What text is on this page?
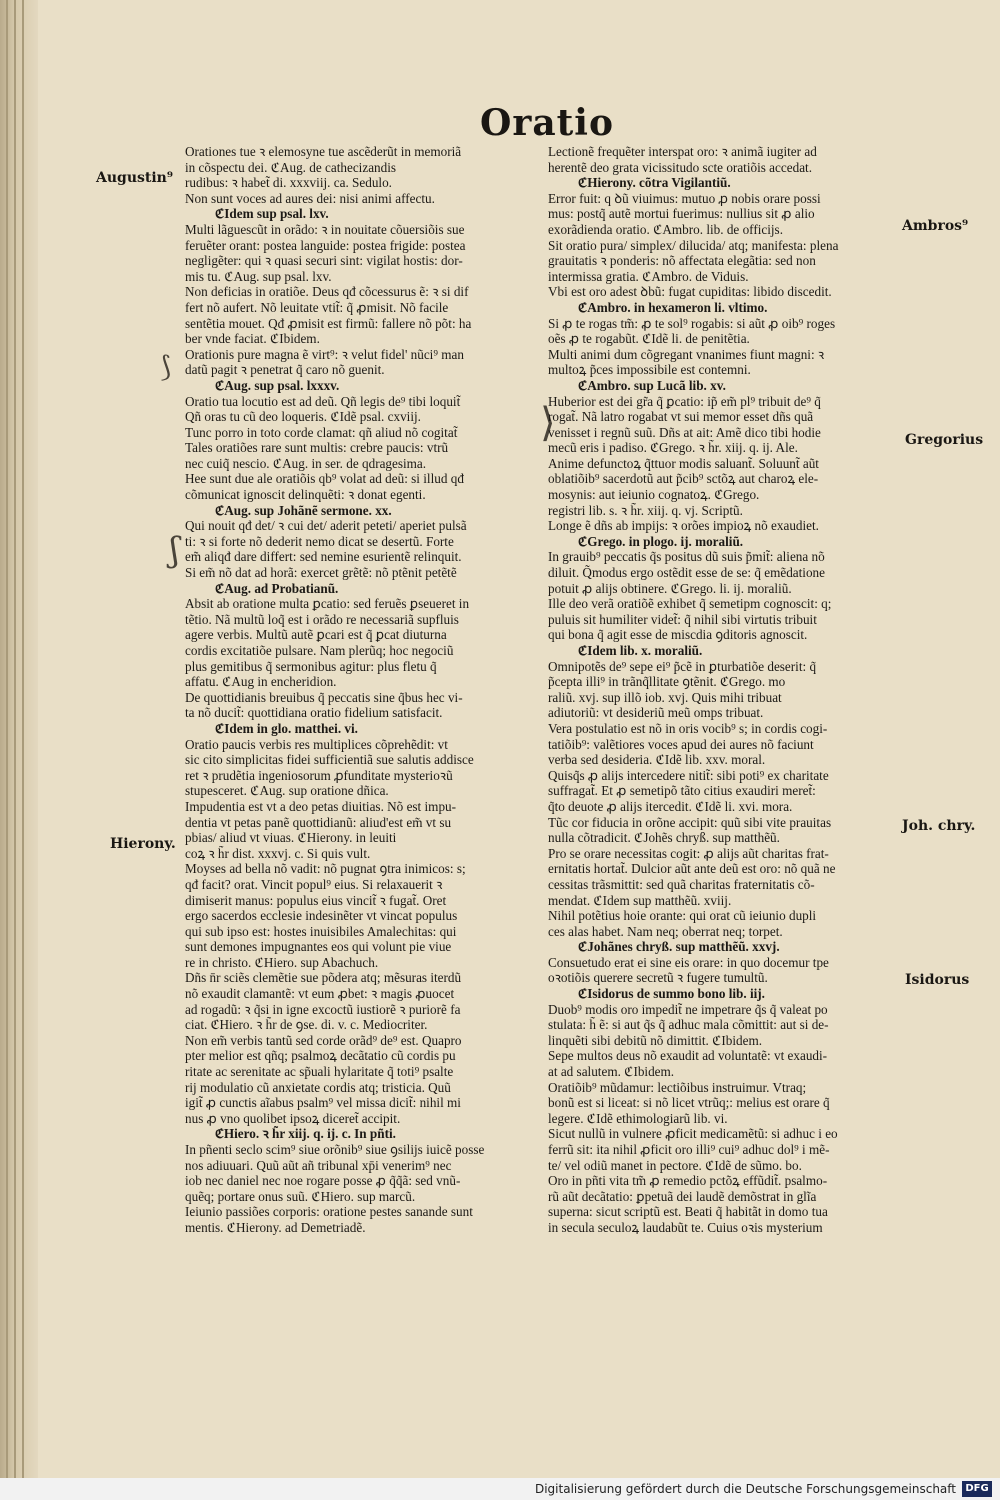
Oratio
Augustin⁹
Ambros⁹
Gregorius
Hierony.
Joh. chry.
Isidorus
⟆
ʃ
⟩
Orationes tue ꝛ elemosyne tue ascẽderũt in memoriã
in cõspectu dei. ℭAug. de cathecizandis
rudibus: ꝛ habet̃ di. xxxviij. ca. Sedulo.
Non sunt voces ad aures dei: nisi animi affectu.
ℭIdem sup psal. lxv.
Multi lãguescũt in orãdo: ꝛ in nouitate cõuersiõis sue
feruẽter orant: postea languide: postea frigide: postea
negligẽter: qui ꝛ quasi securi sint: vigilat hostis: dor-
mis tu. ℭAug. sup psal. lxv.
Non deficias in oratiõe. Deus qđ cõcessurus ẽ: ꝛ si dif
fert nõ aufert. Nõ leuitate vtit̃: q̃ ꝓmisit. Nõ facile
sentẽtia mouet. Qđ ꝓmisit est firmũ: fallere nõ põt: ha
ber vnde faciat. ℭIbidem.
Orationis pure magna ẽ virt⁹: ꝛ velut fidel' nũci⁹ man
datũ pagit ꝛ penetrat q̃ caro nõ guenit.
ℭAug. sup psal. lxxxv.
Oratio tua locutio est ad deũ. Qñ legis de⁹ tibi loquit̃
Qñ oras tu cũ deo loqueris. ℭIdẽ psal. cxviij.
Tunc porro in toto corde clamat: qñ aliud nõ cogitat̃
Tales oratiões rare sunt multis: crebre paucis: vtrũ
nec cuiq̃ nescio. ℭAug. in ser. de qdragesima.
Hee sunt due ale oratiõis qb⁹ volat ad deũ: si illud qđ
cõmunicat ignoscit delinquẽti: ꝛ donat egenti.
ℭAug. sup Johãnẽ sermone. xx.
Qui nouit qđ det/ ꝛ cui det/ aderit peteti/ aperiet pulsã
ti: ꝛ si forte nõ dederit nemo dicat se desertũ. Forte
em̃ aliqđ dare differt: sed nemine esurientẽ relinquit.
Si em̃ nõ dat ad horã: exercet grẽtẽ: nõ ptẽnit petẽtẽ
ℭAug. ad Probatianũ.
Absit ab oratione multa ꝑcatio: sed feruẽs ꝑseueret in
tẽtio. Nã multũ loq̃ est i orãdo re necessariã supfluis
agere verbis. Multũ autẽ ꝑcari est q̃ ꝑcat diuturna
cordis excitatiõe pulsare. Nam plerũq; hoc negociũ
plus gemitibus q̃ sermonibus agitur: plus fletu q̃
affatu. ℭAug in encheridion.
De quottidianis breuibus q̃ peccatis sine q̃bus hec vi-
ta nõ ducit̃: quottidiana oratio fidelium satisfacit.
ℭIdem in glo. matthei. vi.
Oratio paucis verbis res multiplices cõprehẽdit: vt
sic cito simplicitas fidei sufficientiã sue salutis addisce
ret ꝛ prudẽtia ingeniosorum ꝓfunditate mysterioꝛũ
stupesceret. ℭAug. sup oratione dñica.
Impudentia est vt a deo petas diuitias. Nõ est impu-
dentia vt petas panẽ quottidianũ: aliud'est em̃ vt su
pbias/ aliud vt viuas. ℭHierony. in leuiti
coꝝ ꝛ h̃r dist. xxxvj. c. Si quis vult.
Moyses ad bella nõ vadit: nõ pugnat ꝯtra inimicos: s;
qđ facit? orat. Vincit popul⁹ eius. Si relaxauerit ꝛ
dimiserit manus: populus eius vincit̃ ꝛ fugat̃. Oret
ergo sacerdos ecclesie indesinẽter vt vincat populus
qui sub ipso est: hostes inuisibiles Amalechitas: qui
sunt demones impugnantes eos qui volunt pie viue
re in christo. ℭHiero. sup Abachuch.
Dñs n̄r sciẽs clemẽtie sue põdera atq; mẽsuras iterdũ
nõ exaudit clamantẽ: vt eum ꝓbet: ꝛ magis ꝓuocet
ad rogadũ: ꝛ q̃si in igne excoctũ iustiorẽ ꝛ puriorẽ fa
ciat. ℭHiero. ꝛ h̃r de ꝯse. di. v. c. Mediocriter.
Non em̃ verbis tantũ sed corde orãd⁹ de⁹ est. Quapro
pter melior est qñq; psalmoꝝ decãtatio cũ cordis pu
ritate ac serenitate ac sp̃uali hylaritate q̃ toti⁹ psalte
rij modulatio cũ anxietate cordis atq; tristicia. Quũ
igit̃ ꝓ cunctis aĩabus psalm⁹ vel missa dicit̃: nihil mi
nus ꝓ vno quolibet ipsoꝝ diceret̃ accipit.
ℭHiero. ꝛ h̃r xiij. q. ij. c. In pñti.
In pñenti seclo scim⁹ siue orõnib⁹ siue ꝯsilijs iuicẽ posse
nos adiuuari. Quũ aũt añ tribunal xp̄i venerim⁹ nec
iob nec daniel nec noe rogare posse ꝓ q̃q̃ã: sed vnũ-
quẽq; portare onus suũ. ℭHiero. sup marcũ.
Ieiunio passiões corporis: oratione pestes sanande sunt
mentis. ℭHierony. ad Demetriadẽ.
Lectionẽ frequẽter interspat oro: ꝛ animã iugiter ad
herentẽ deo grata vicissitudo scte oratiõis accedat.
ℭHierony. cõtra Vigilantiũ.
Error fuit: q ꝺũ viuimus: mutuo ꝓ nobis orare possi
mus: postq̃ autẽ mortui fuerimus: nullius sit ꝓ alio
exorãdienda oratio. ℭAmbro. lib. de officijs.
Sit oratio pura/ simplex/ dilucida/ atq; manifesta: plena
grauitatis ꝛ ponderis: nõ affectata elegãtia: sed non
intermissa gratia. ℭAmbro. de Viduis.
Vbi est oro adest ꝺbũ: fugat cupiditas: libido discedit.
ℭAmbro. in hexameron li. vltimo.
Si ꝓ te rogas tm̃: ꝓ te sol⁹ rogabis: si aũt ꝓ oib⁹ roges
oẽs ꝓ te rogabũt. ℭIdẽ li. de penitẽtia.
Multi animi dum cõgregant vnanimes fiunt magni: ꝛ
multoꝝ p̃ces impossibile est contemni.
ℭAmbro. sup Lucã lib. xv.
Huberior est dei gr̃a q̃ ꝑcatio: ip̃ em̃ pl⁹ tribuit de⁹ q̃
rogat̃. Nã latro rogabat vt sui memor esset dñs quã
venisset i regnũ suũ. Dñs at ait: Amẽ dico tibi hodie
mecũ eris i padiso. ℭGrego. ꝛ h̃r. xiij. q. ij. Ale.
Anime defunctoꝝ q̃ttuor modis saluant̃. Soluunt̃ aũt
oblatiõib⁹ sacerdotũ aut p̃cib⁹ sctõꝝ aut charoꝝ ele-
mosynis: aut ieiunio cognatoꝝ. ℭGrego.
registri lib. s. ꝛ h̃r. xiij. q. vj. Scriptũ.
Longe ẽ dñs ab impijs: ꝛ orões impioꝝ nõ exaudiet.
ℭGrego. in plogo. ij. moraliũ.
In grauib⁹ peccatis q̃s positus dũ suis p̃mit̃: aliena nõ
diluit. Q̃modus ergo ostẽdit esse de se: q̃ emẽdatione
potuit ꝓ alijs obtinere. ℭGrego. li. ij. moraliũ.
Ille deo verã oratiõẽ exhibet q̃ semetipm cognoscit: q;
puluis sit humiliter videt̃: q̃ nihil sibi virtutis tribuit
qui bona q̃ agit esse de miscdia ꝯditoris agnoscit.
ℭIdem lib. x. moraliũ.
Omnipotẽs de⁹ sepe ei⁹ p̃cẽ in ꝑturbatiõe deserit: q̃
p̃cepta illi⁹ in trãnq̃llitate ꝯtẽnit. ℭGrego. mo
raliũ. xvj. sup illõ iob. xvj. Quis mihi tribuat
adiutoriũ: vt desideriũ meũ omps tribuat.
Vera postulatio est nõ in oris vocib⁹ s; in cordis cogi-
tatiõib⁹: valẽtiores voces apud dei aures nõ faciunt
verba sed desideria. ℭIdẽ lib. xxv. moral.
Quisq̃s ꝓ alijs intercedere nitit̃: sibi poti⁹ ex charitate
suffragat̃. Et ꝓ semetipõ tãto citius exaudiri meret̃:
q̃to deuote ꝓ alijs itercedit. ℭIdẽ li. xvi. mora.
Tũc cor fiducia in orõne accipit: quũ sibi vite prauitas
nulla cõtradicit. ℭJohẽs chryß. sup matthẽũ.
Pro se orare necessitas cogit: ꝓ alijs aũt charitas frat-
ernitatis hortat̃. Dulcior aũt ante deũ est oro: nõ quã ne
cessitas trãsmittit: sed quã charitas fraternitatis cõ-
mendat. ℭIdem sup matthẽũ. xviij.
Nihil potẽtius hoie orante: qui orat cũ ieiunio dupli
ces alas habet. Nam neq; oberrat neq; torpet.
ℭJohãnes chryß. sup matthẽũ. xxvj.
Consuetudo erat ei sine eis orare: in quo docemur tpe
oꝛotiõis querere secretũ ꝛ fugere tumultũ.
ℭIsidorus de summo bono lib. iij.
Duob⁹ modis oro impedit̃ ne impetrare q̃s q̃ valeat po
stulata: h̃ ẽ: si aut q̃s q̃ adhuc mala cõmittit: aut si de-
linquẽti sibi debitũ nõ dimittit. ℭIbidem.
Sepe multos deus nõ exaudit ad voluntatẽ: vt exaudi-
at ad salutem. ℭIbidem.
Oratiõib⁹ mũdamur: lectiõibus instruimur. Vtraq;
bonũ est si liceat: si nõ licet vtrũq;: melius est orare q̃
legere. ℭIdẽ ethimologiarũ lib. vi.
Sicut nullũ in vulnere ꝓficit medicamẽtũ: si adhuc i eo
ferrũ sit: ita nihil ꝓficit oro illi⁹ cui⁹ adhuc dol⁹ i mẽ-
te/ vel odiũ manet in pectore. ℭIdẽ de sũmo. bo.
Oro in pñti vita tm̃ ꝓ remedio pctõꝝ effũdit̃. psalmo-
rũ aũt decãtatio: ꝑpetuã dei laudẽ demõstrat in glĩa
superna: sicut scriptũ est. Beati q̃ habitãt in domo tua
in secula seculoꝝ laudabũt te. Cuius oꝛis mysterium
Digitalisierung gefördert durch die Deutsche Forschungsgemeinschaft DFG
